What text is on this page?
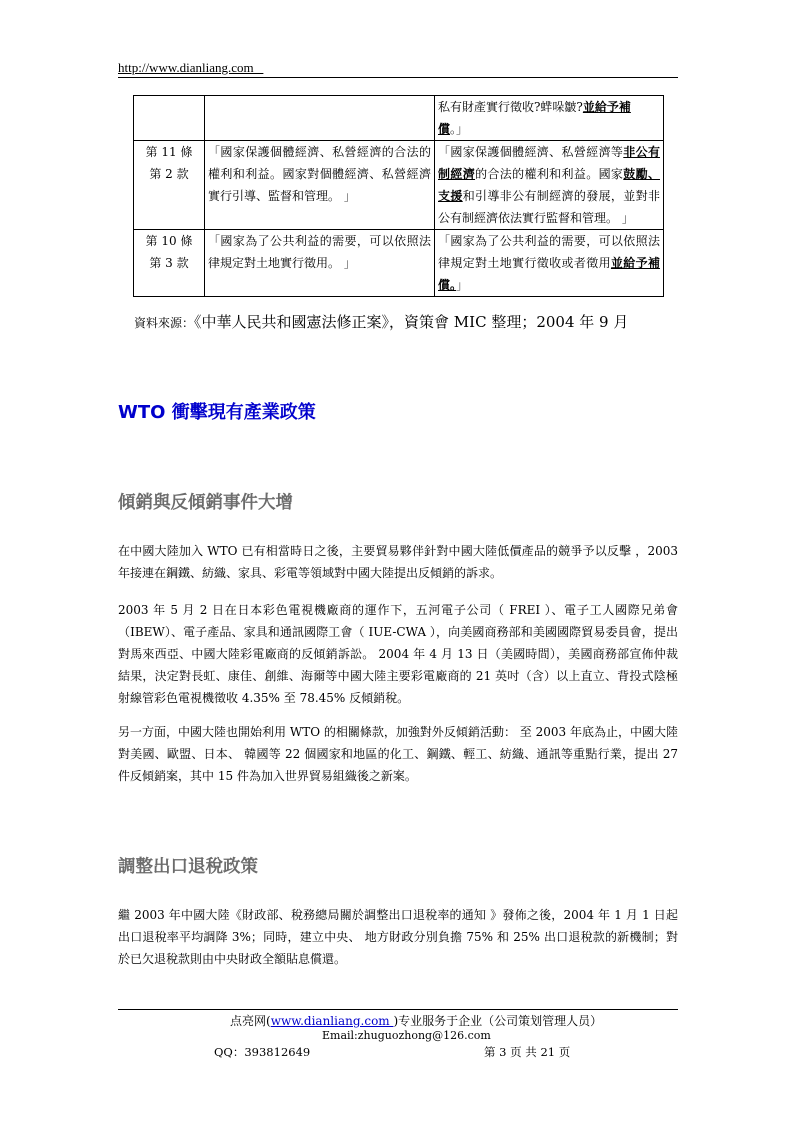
http://www.dianliang.com
		私有財產實行徵收?蝆哚皺?並給予補
償。」
第 11 條
第 2 款	「國家保護個體經濟、私營經濟的合法的權利和利益。國家對個體經濟、私營經濟實行引導、監督和管理。 」	「國家保護個體經濟、私營經濟等非公有制經濟的合法的權利和利益。國家鼓勵、支援和引導非公有制經濟的發展，並對非公有制經濟依法實行監督和管理。 」
第 10 條
第 3 款	「國家為了公共利益的需要，可以依照法律規定對土地實行徵用。 」	「國家為了公共利益的需要，可以依照法律規定對土地實行徵收或者徵用並給予補償。」
資料來源：《中華人民共和國憲法修正案》，資策會 MIC 整理；2004 年 9 月
WTO 衝擊現有產業政策
傾銷與反傾銷事件大增
在中國大陸加入 WTO 已有相當時日之後，主要貿易夥伴針對中國大陸低價產品的競爭予以反擊 ，2003 年接連在鋼鐵、紡織、家具、彩電等領域對中國大陸提出反傾銷的訴求。
2003 年 5 月 2 日在日本彩色電視機廠商的運作下，五河電子公司（ FREI ）、電子工人國際兄弟會（IBEW）、電子產品、家具和通訊國際工會（ IUE-CWA ），向美國商務部和美國國際貿易委員會，提出對馬來西亞、中國大陸彩電廠商的反傾銷訴訟。 2004 年 4 月 13 日（美國時間），美國商務部宣佈仲裁結果，決定對長虹、康佳、創維、海爾等中國大陸主要彩電廠商的 21 英吋（含）以上直立、背投式陰極射線管彩色電視機徵收 4.35% 至 78.45% 反傾銷稅。
另一方面，中國大陸也開始利用 WTO 的相關條款，加強對外反傾銷活動： 至 2003 年底為止，中國大陸對美國、歐盟、日本、 韓國等 22 個國家和地區的化工、鋼鐵、輕工、紡織、通訊等重點行業，提出 27 件反傾銷案，其中 15 件為加入世界貿易組織後之新案。
調整出口退稅政策
繼 2003 年中國大陸《財政部、稅務總局關於調整出口退稅率的通知 》發佈之後，2004 年 1 月 1 日起出口退稅率平均調降 3%；同時，建立中央、 地方財政分別負擔 75% 和 25% 出口退稅款的新機制；對於已欠退稅款則由中央財政全額貼息償還。
点亮网(www.dianliang.com )专业服务于企业（公司策划管理人员）
Email:zhuguozhong@126.com
QQ：393812649	第 3 页 共 21 页
